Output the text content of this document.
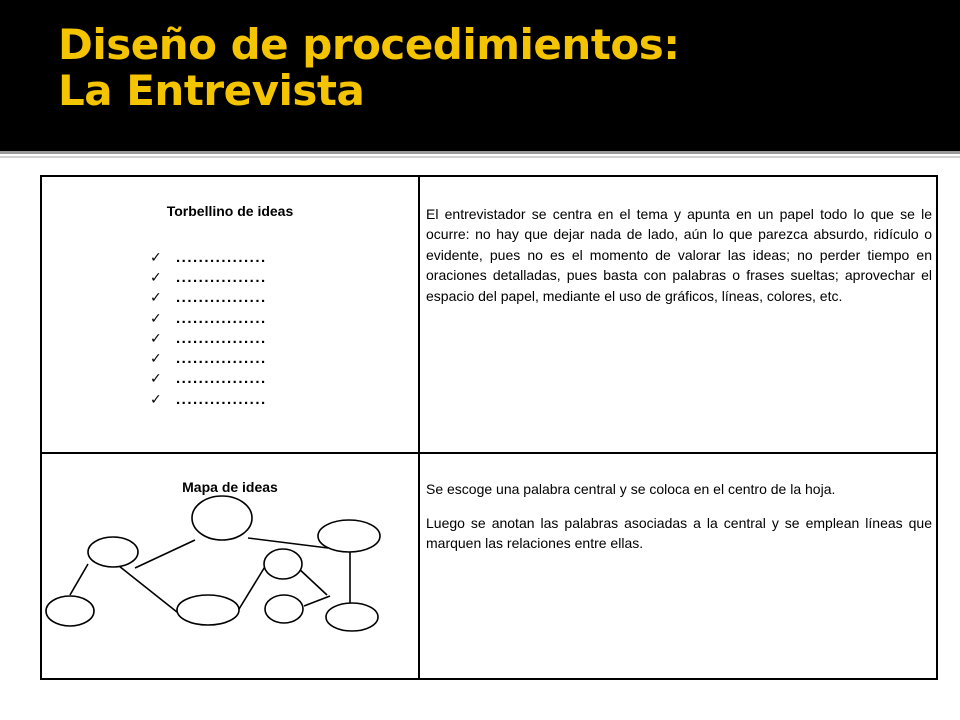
Diseño de procedimientos:
La Entrevista
Torbellino de ideas
✓ ................
✓ ................
✓ ................
✓ ................
✓ ................
✓ ................
✓ ................
✓ ................

El entrevistador se centra en el tema y apunta en un papel todo lo que se le ocurre: no hay que dejar nada de lado, aún lo que parezca absurdo, ridículo o evidente, pues no es el momento de valorar las ideas; no perder tiempo en oraciones detalladas, pues basta con palabras o frases sueltas; aprovechar el espacio del papel, mediante el uso de gráficos, líneas, colores, etc.

Mapa de ideas	Se escoge una palabra central y se coloca en el centro de la hoja.

Luego se anotan las palabras asociadas a la central y se emplean líneas que marquen las relaciones entre ellas.
